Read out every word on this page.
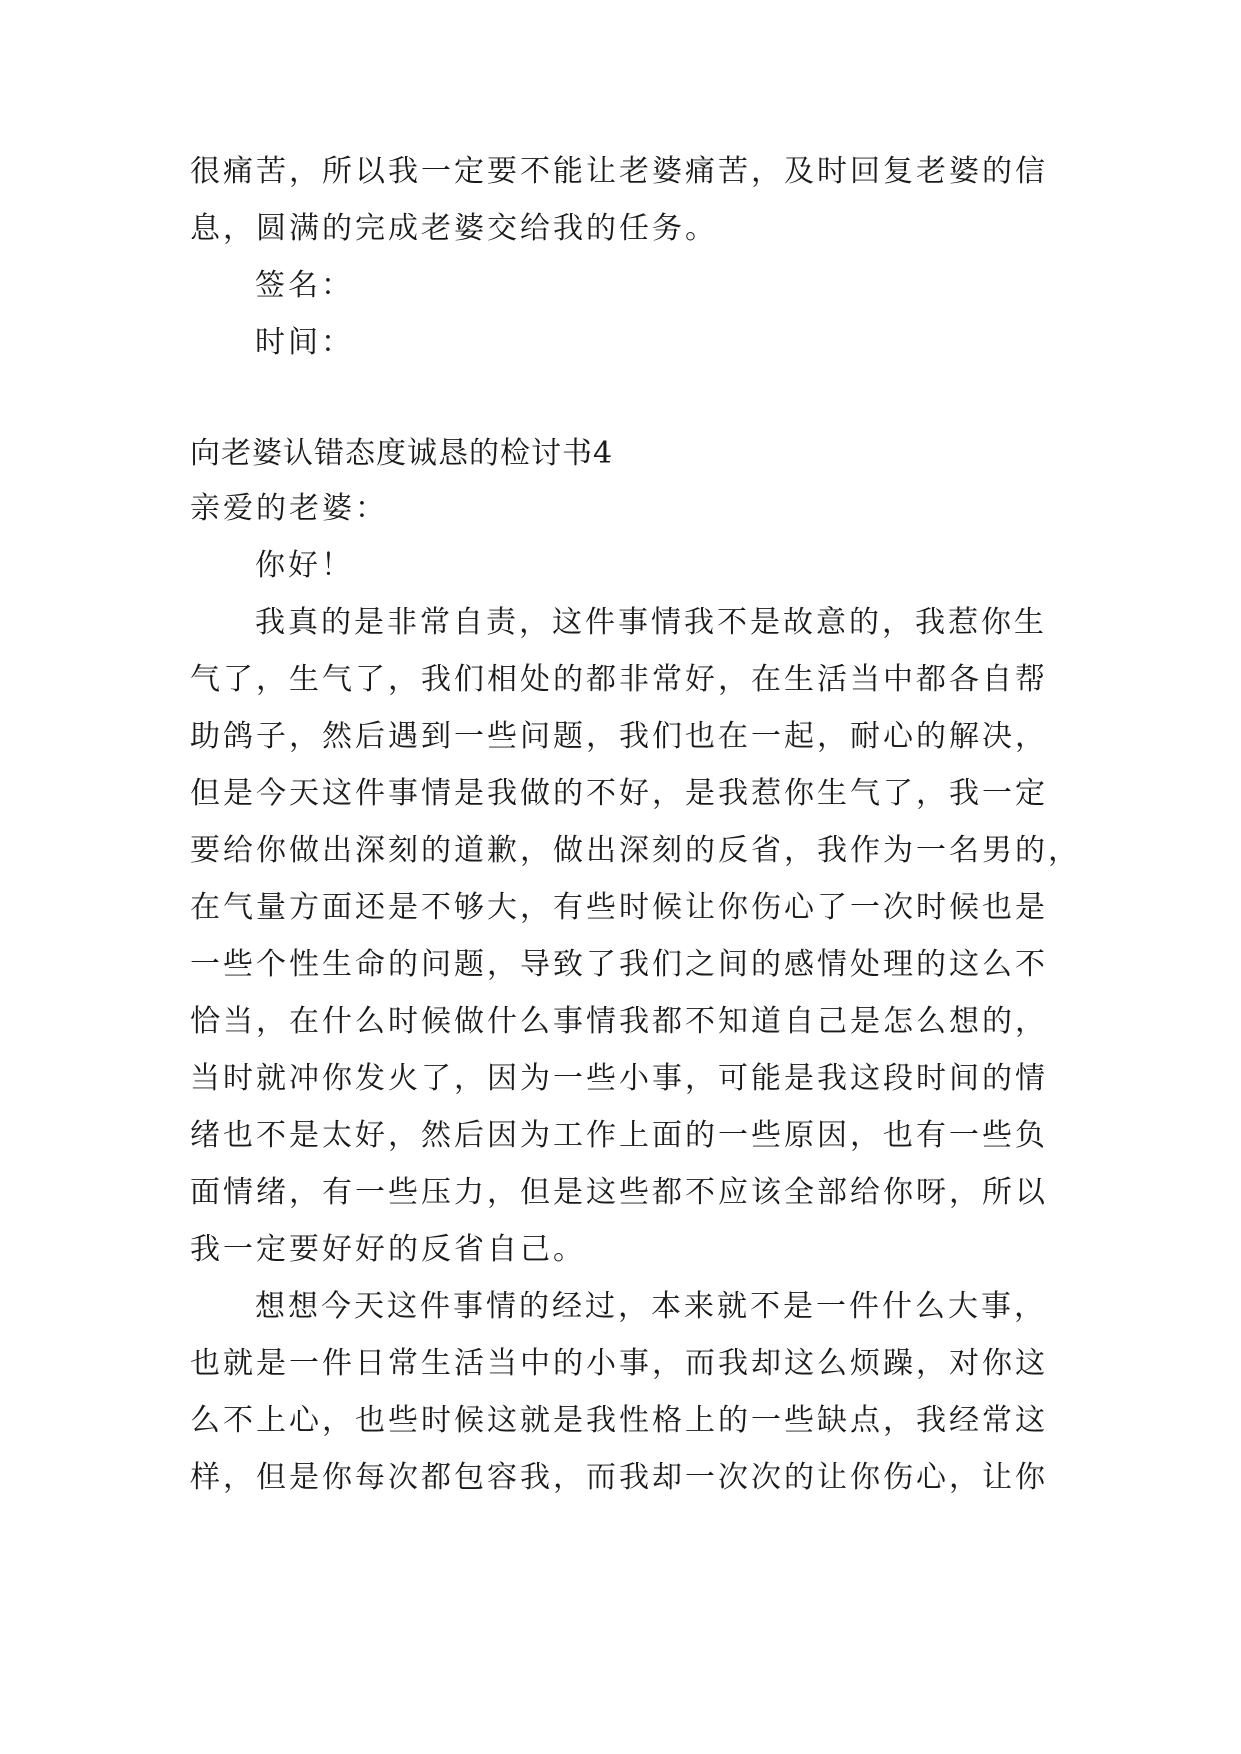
很痛苦，所以我一定要不能让老婆痛苦，及时回复老婆的信
息，圆满的完成老婆交给我的任务。
签名：
时间：
向老婆认错态度诚恳的检讨书4
亲爱的老婆：
你好！
我真的是非常自责，这件事情我不是故意的，我惹你生
气了，生气了，我们相处的都非常好，在生活当中都各自帮
助鸽子，然后遇到一些问题，我们也在一起，耐心的解决，
但是今天这件事情是我做的不好，是我惹你生气了，我一定
要给你做出深刻的道歉，做出深刻的反省，我作为一名男的，
在气量方面还是不够大，有些时候让你伤心了一次时候也是
一些个性生命的问题，导致了我们之间的感情处理的这么不
恰当，在什么时候做什么事情我都不知道自己是怎么想的，
当时就冲你发火了，因为一些小事，可能是我这段时间的情
绪也不是太好，然后因为工作上面的一些原因，也有一些负
面情绪，有一些压力，但是这些都不应该全部给你呀，所以
我一定要好好的反省自己。
想想今天这件事情的经过，本来就不是一件什么大事，
也就是一件日常生活当中的小事，而我却这么烦躁，对你这
么不上心，也些时候这就是我性格上的一些缺点，我经常这
样，但是你每次都包容我，而我却一次次的让你伤心，让你
